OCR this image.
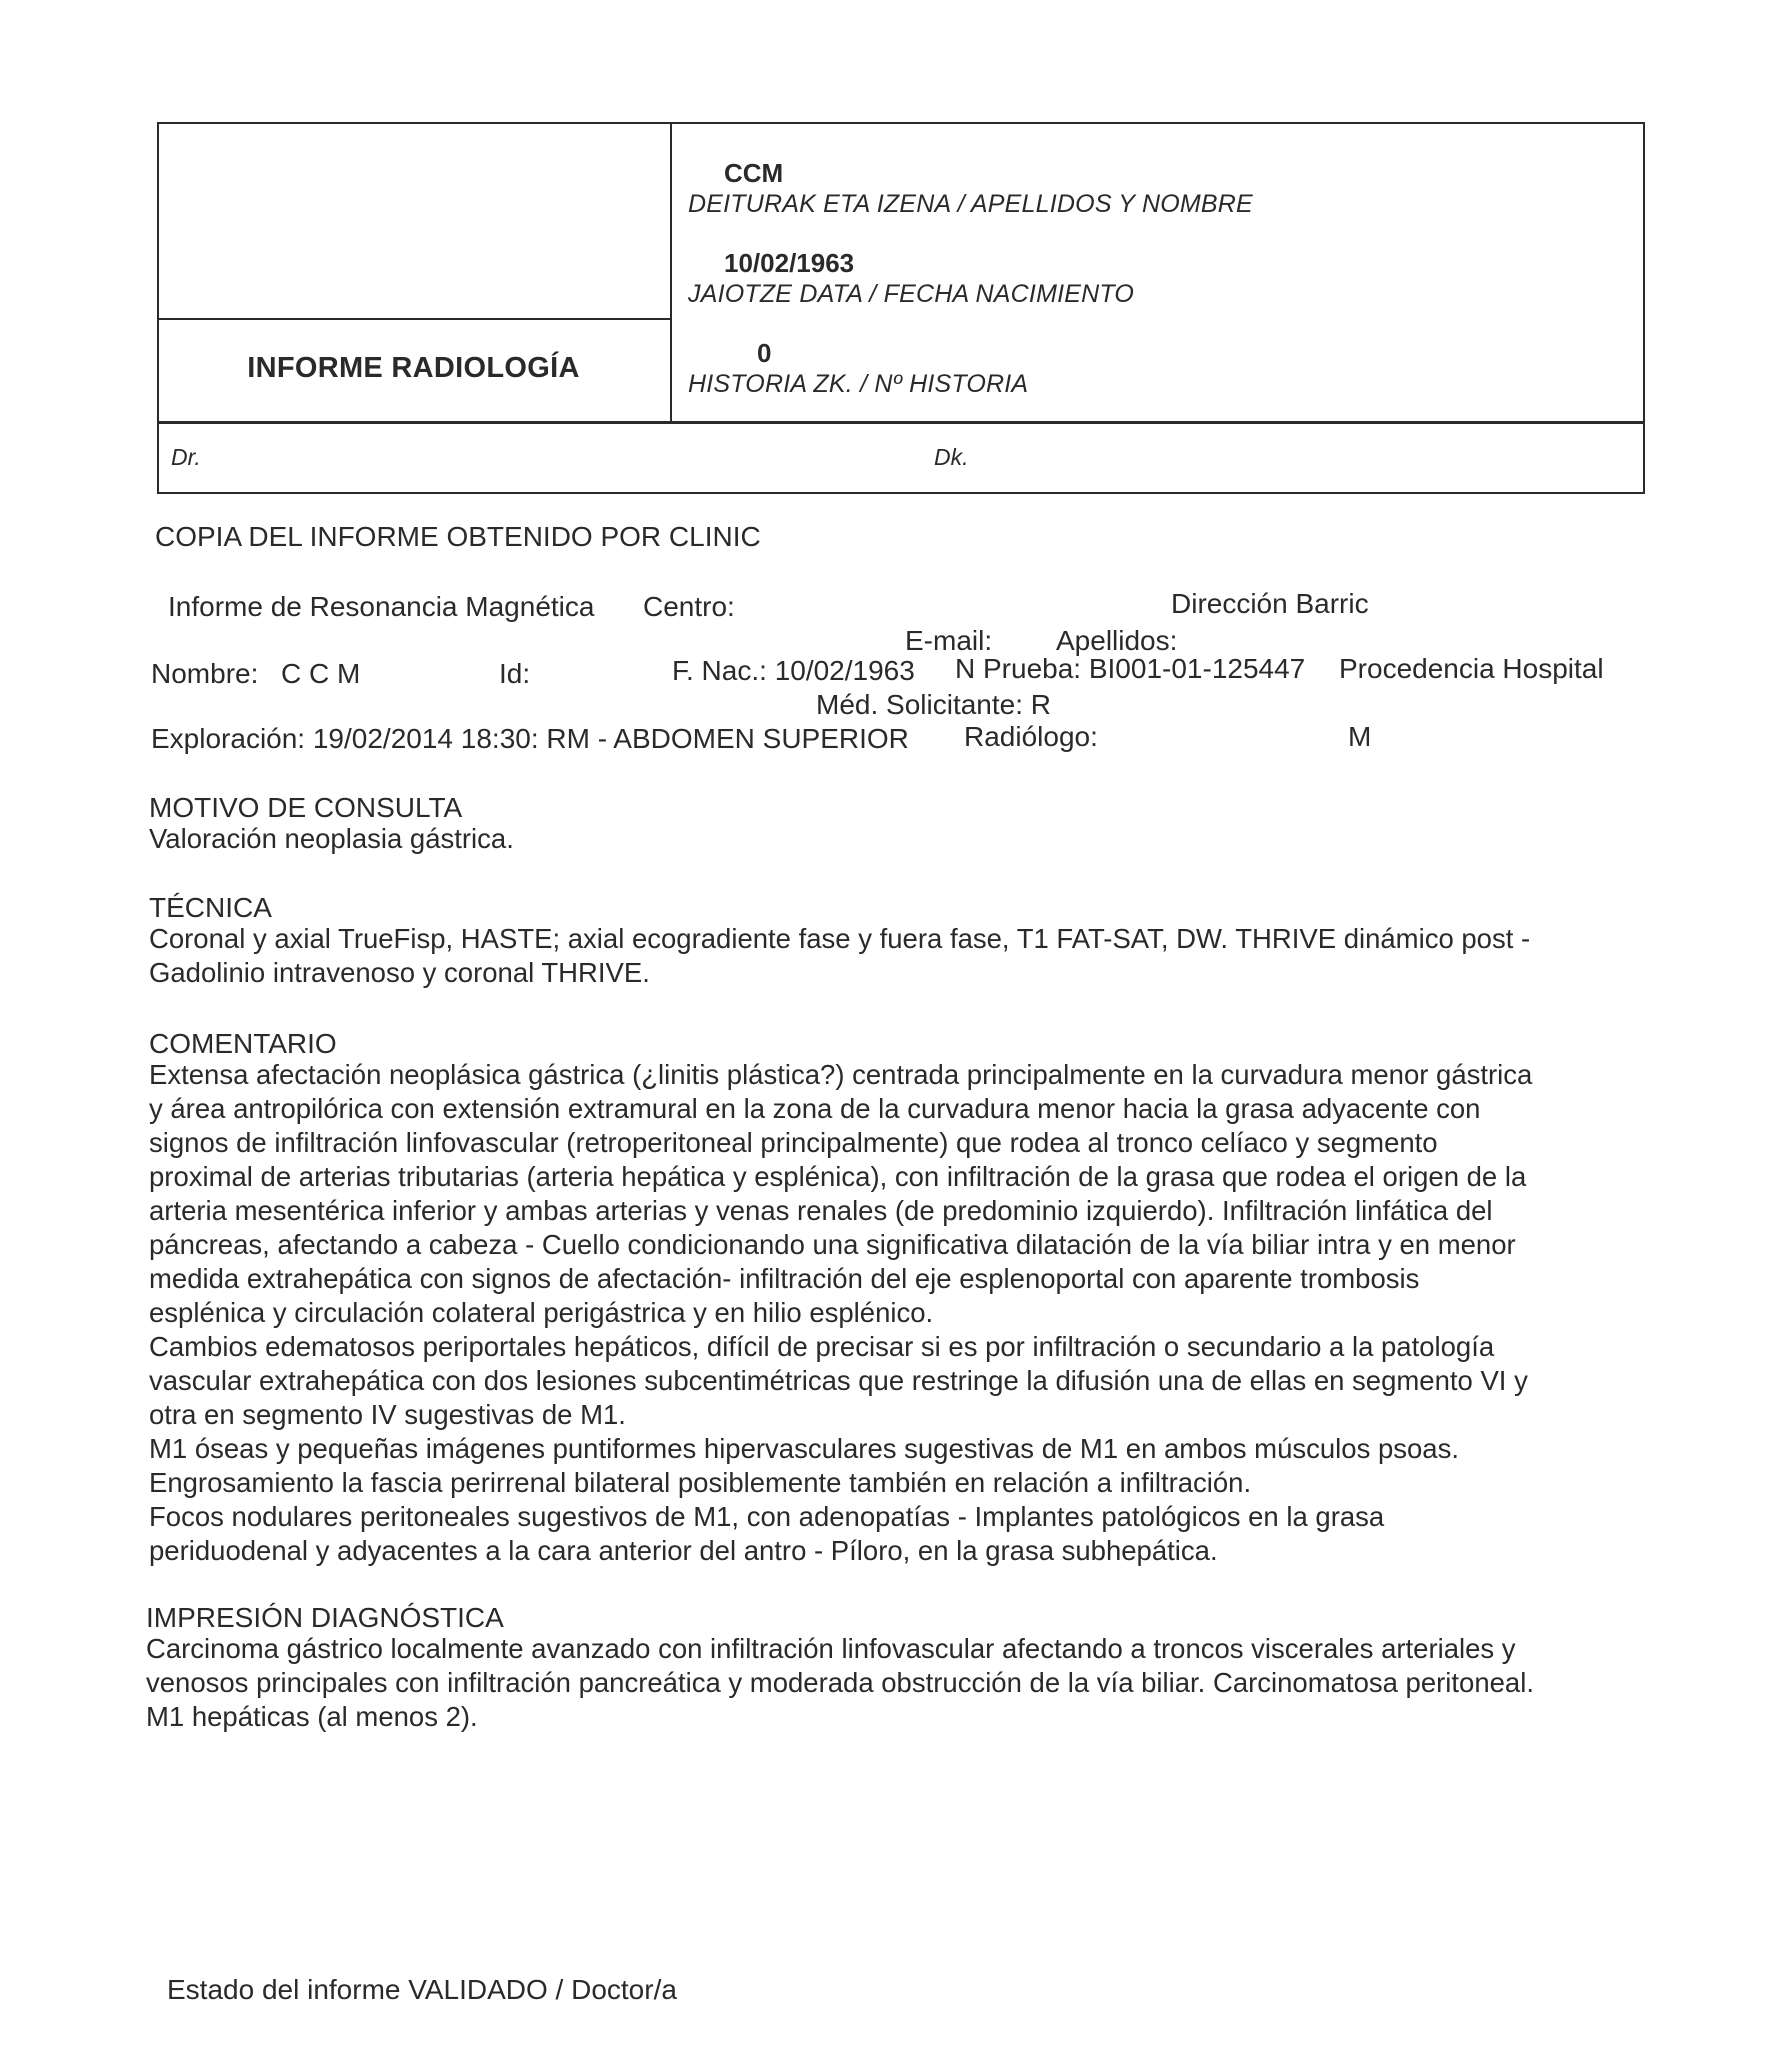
INFORME RADIOLOGÍA
CCM
DEITURAK ETA IZENA / APELLIDOS Y NOMBRE
10/02/1963
JAIOTZE DATA / FECHA NACIMIENTO
0
HISTORIA ZK. / Nº HISTORIA
Dr.	Dk.
COPIA DEL INFORME OBTENIDO POR CLINIC
Informe de Resonancia Magnética Centro:	Dirección Barric
E-mail: Apellidos:
Nombre: C C M	Id:	F. Nac.: 10/02/1963 N Prueba: BI001-01-125447 Procedencia Hospital
Méd. Solicitante: R
Exploración: 19/02/2014 18:30: RM - ABDOMEN SUPERIOR Radiólogo:	M
MOTIVO DE CONSULTA
Valoración neoplasia gástrica.
TÉCNICA
Coronal y axial TrueFisp, HASTE; axial ecogradiente fase y fuera fase, T1 FAT-SAT, DW. THRIVE dinámico post -
Gadolinio intravenoso y coronal THRIVE.
COMENTARIO
Extensa afectación neoplásica gástrica (¿linitis plástica?) centrada principalmente en la curvadura menor gástrica
y área antropilórica con extensión extramural en la zona de la curvadura menor hacia la grasa adyacente con
signos de infiltración linfovascular (retroperitoneal principalmente) que rodea al tronco celíaco y segmento
proximal de arterias tributarias (arteria hepática y esplénica), con infiltración de la grasa que rodea el origen de la
arteria mesentérica inferior y ambas arterias y venas renales (de predominio izquierdo). Infiltración linfática del
páncreas, afectando a cabeza - Cuello condicionando una significativa dilatación de la vía biliar intra y en menor
medida extrahepática con signos de afectación- infiltración del eje esplenoportal con aparente trombosis
esplénica y circulación colateral perigástrica y en hilio esplénico.
Cambios edematosos periportales hepáticos, difícil de precisar si es por infiltración o secundario a la patología
vascular extrahepática con dos lesiones subcentimétricas que restringe la difusión una de ellas en segmento VI y
otra en segmento IV sugestivas de M1.
M1 óseas y pequeñas imágenes puntiformes hipervasculares sugestivas de M1 en ambos músculos psoas.
Engrosamiento la fascia perirrenal bilateral posiblemente también en relación a infiltración.
Focos nodulares peritoneales sugestivos de M1, con adenopatías - Implantes patológicos en la grasa
periduodenal y adyacentes a la cara anterior del antro - Píloro, en la grasa subhepática.
IMPRESIÓN DIAGNÓSTICA
Carcinoma gástrico localmente avanzado con infiltración linfovascular afectando a troncos viscerales arteriales y
venosos principales con infiltración pancreática y moderada obstrucción de la vía biliar. Carcinomatosa peritoneal.
M1 hepáticas (al menos 2).
Estado del informe VALIDADO / Doctor/a
